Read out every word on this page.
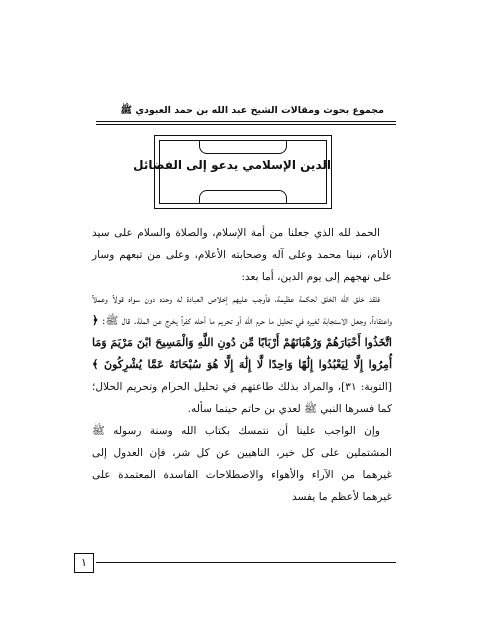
مجموع بحوث ومقالات الشيخ عبد الله بن حمد العبودي ﷺ
الدين الإسلامي يدعو إلى الفضائل

الحمد لله الذي جعلنا من أمة الإسلام، والصلاة والسلام على سيد الأنام، نبينا محمد وعلى آله وصحابته الأعلام، وعلى من تبعهم وسار على نهجهم إلى يوم الدين، أما بعد:

فلقد خلق الله الخلق لحكمة عظيمة، فأوجب عليهم إخلاص العبادة له وحده دون سواه قولاً وعملاً واعتقاداً، وجعل الاستجابة لغيره في تحليل ما حرم الله أو تحريم ما أحله كفراً يخرج عن الملة. قال ﷺ: ﴿ اتَّخَذُوا أَحْبَارَهُمْ وَرُهْبَانَهُمْ أَرْبَابًا مِّن دُونِ اللَّهِ وَالْمَسِيحَ ابْنَ مَرْيَمَ وَمَا أُمِرُوا إِلَّا لِيَعْبُدُوا إِلَٰهًا وَاحِدًا لَّا إِلَٰهَ إِلَّا هُوَ سُبْحَانَهُ عَمَّا يُشْرِكُونَ ﴾ [التوبة: ٣١]، والمراد بذلك طاعتهم في تحليل الحرام وتحريم الحلال؛ كما فسرها النبي ﷺ لعدي بن حاتم حينما سأله.

وإن الواجب علينا أن نتمسك بكتاب الله وسنة رسوله ﷺ المشتملين على كل خير، الناهيين عن كل شر، فإن العدول إلى غيرهما من الآراء والأهواء والاصطلاحات الفاسدة المعتمدة على غيرهما لأعظم ما يفسد

١
